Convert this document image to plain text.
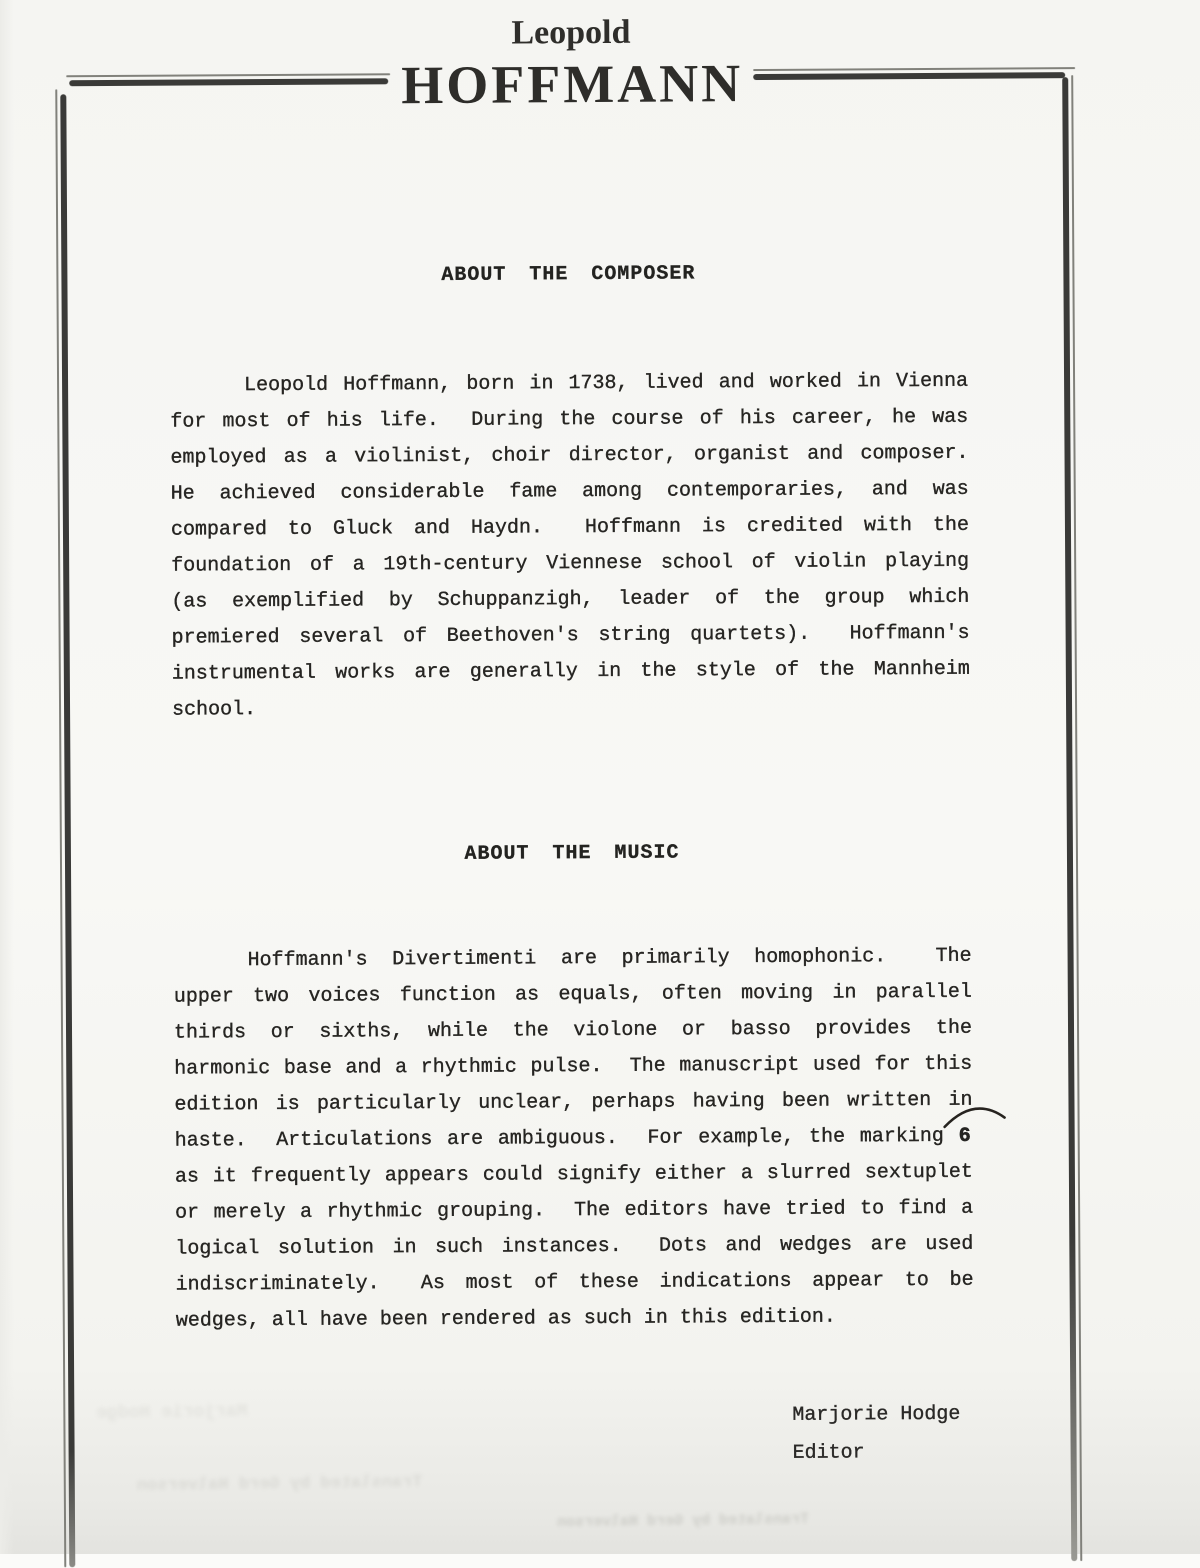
Leopold
HOFFMANN
ABOUT THE COMPOSER
Leopold Hoffmann, born in 1738, lived and worked in Vienna
for most of his life.  During the course of his career, he was
employed as a violinist, choir director, organist and composer.
He achieved considerable fame among contemporaries, and was
compared to Gluck and Haydn.  Hoffmann is credited with the
foundation of a 19th-century Viennese school of violin playing
(as exemplified by Schuppanzigh, leader of the group which
premiered several of Beethoven's string quartets).  Hoffmann's
instrumental works are generally in the style of the Mannheim
school.
ABOUT THE MUSIC
Hoffmann's Divertimenti are primarily homophonic.  The
upper two voices function as equals, often moving in parallel
thirds or sixths, while the violone or basso provides the
harmonic base and a rhythmic pulse.  The manuscript used for this
edition is particularly unclear, perhaps having been written in
haste.  Articulations are ambiguous.  For example, the marking
6
as it frequently appears could signify either a slurred sextuplet
or merely a rhythmic grouping.  The editors have tried to find a
logical solution in such instances.  Dots and wedges are used
indiscriminately.  As most of these indications appear to be
wedges, all have been rendered as such in this edition.
Marjorie Hodge
Editor
Marjorie Hodge
Translated by Gerd Halverson
Translated by Gerd Halverson
